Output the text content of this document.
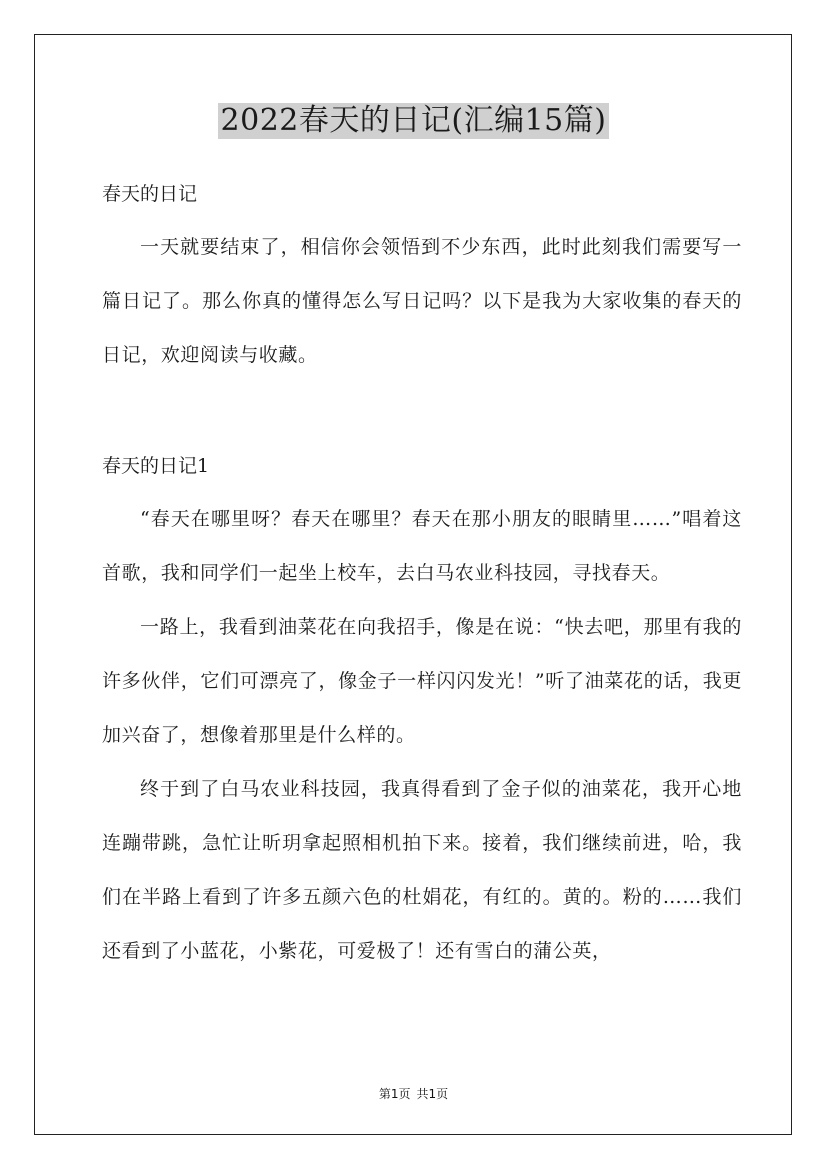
2022春天的日记(汇编15篇)
春天的日记

一天就要结束了，相信你会领悟到不少东西，此时此刻我们需要写一篇日记了。那么你真的懂得怎么写日记吗？以下是我为大家收集的春天的日记，欢迎阅读与收藏。

春天的日记1

“春天在哪里呀？春天在哪里？春天在那小朋友的眼睛里……”唱着这首歌，我和同学们一起坐上校车，去白马农业科技园，寻找春天。

一路上，我看到油菜花在向我招手，像是在说：“快去吧，那里有我的许多伙伴，它们可漂亮了，像金子一样闪闪发光！”听了油菜花的话，我更加兴奋了，想像着那里是什么样的。

终于到了白马农业科技园，我真得看到了金子似的油菜花，我开心地连蹦带跳，急忙让昕玥拿起照相机拍下来。接着，我们继续前进，哈，我们在半路上看到了许多五颜六色的杜娟花，有红的。黄的。粉的……我们还看到了小蓝花，小紫花，可爱极了！还有雪白的蒲公英，

第1页 共1页
